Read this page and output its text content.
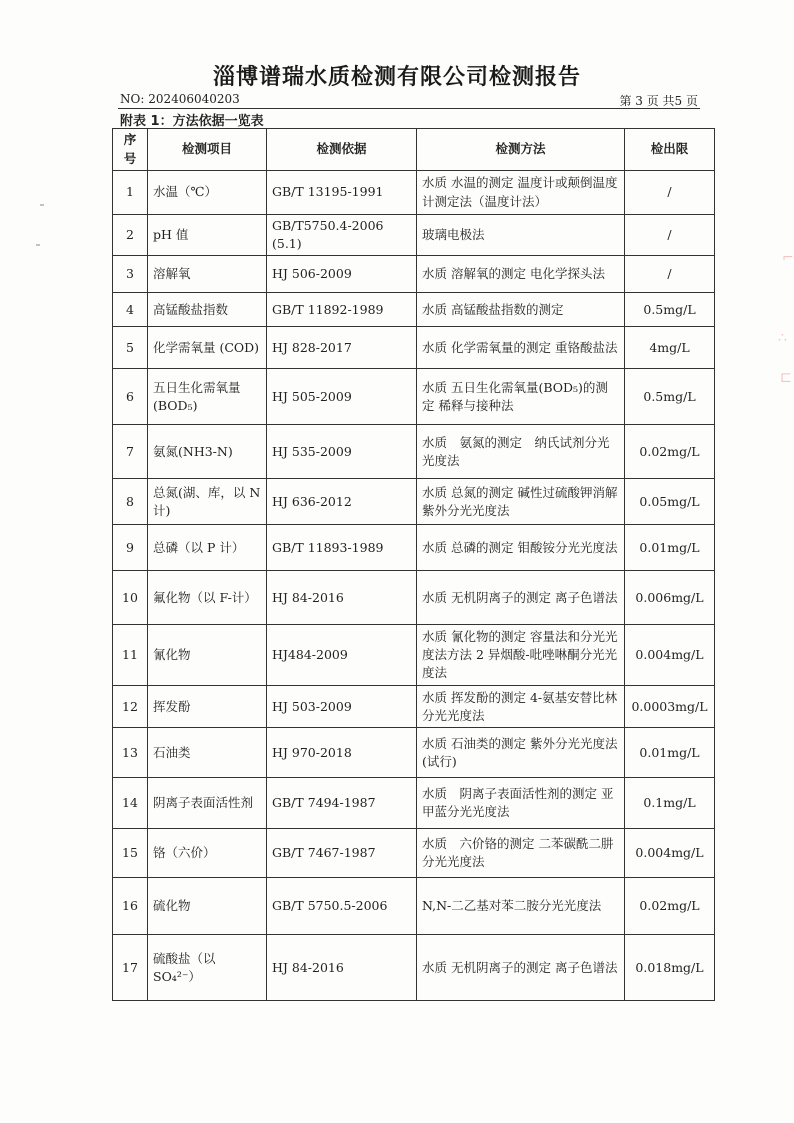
淄博谱瑞水质检测有限公司检测报告
NO: 202406040203	第 3 页 共5 页
附表 1：方法依据一览表
序号	检测项目	检测依据	检测方法	检出限
1	水温（℃）	GB/T 13195-1991	水质 水温的测定 温度计或颠倒温度计测定法（温度计法）	/
2	pH 值	GB/T5750.4-2006 (5.1)	玻璃电极法	/
3	溶解氧	HJ 506-2009	水质 溶解氧的测定 电化学探头法	/
4	高锰酸盐指数	GB/T 11892-1989	水质 高锰酸盐指数的测定	0.5mg/L
5	化学需氧量 (COD)	HJ 828-2017	水质 化学需氧量的测定 重铬酸盐法	4mg/L
6	五日生化需氧量 (BOD₅)	HJ 505-2009	水质 五日生化需氧量(BOD₅)的测定 稀释与接种法	0.5mg/L
7	氨氮(NH3-N)	HJ 535-2009	水质　氨氮的测定　纳氏试剂分光光度法	0.02mg/L
8	总氮(湖、库，以 N 计)	HJ 636-2012	水质 总氮的测定 碱性过硫酸钾消解紫外分光光度法	0.05mg/L
9	总磷（以 P 计）	GB/T 11893-1989	水质 总磷的测定 钼酸铵分光光度法	0.01mg/L
10	氟化物（以 F-计）	HJ 84-2016	水质 无机阴离子的测定 离子色谱法	0.006mg/L
11	氰化物	HJ484-2009	水质 氰化物的测定 容量法和分光光度法方法 2 异烟酸-吡唑啉酮分光光度法	0.004mg/L
12	挥发酚	HJ 503-2009	水质 挥发酚的测定 4-氨基安替比林分光光度法	0.0003mg/L
13	石油类	HJ 970-2018	水质 石油类的测定 紫外分光光度法(试行)	0.01mg/L
14	阴离子表面活性剂	GB/T 7494-1987	水质　阴离子表面活性剂的测定 亚甲蓝分光光度法	0.1mg/L
15	铬（六价）	GB/T 7467-1987	水质　六价铬的测定 二苯碳酰二肼分光光度法	0.004mg/L
16	硫化物	GB/T 5750.5-2006	N,N-二乙基对苯二胺分光光度法	0.02mg/L
17	硫酸盐（以 SO₄²⁻）	HJ 84-2016	水质 无机阴离子的测定 离子色谱法	0.018mg/L
⌐
∴
⊏
